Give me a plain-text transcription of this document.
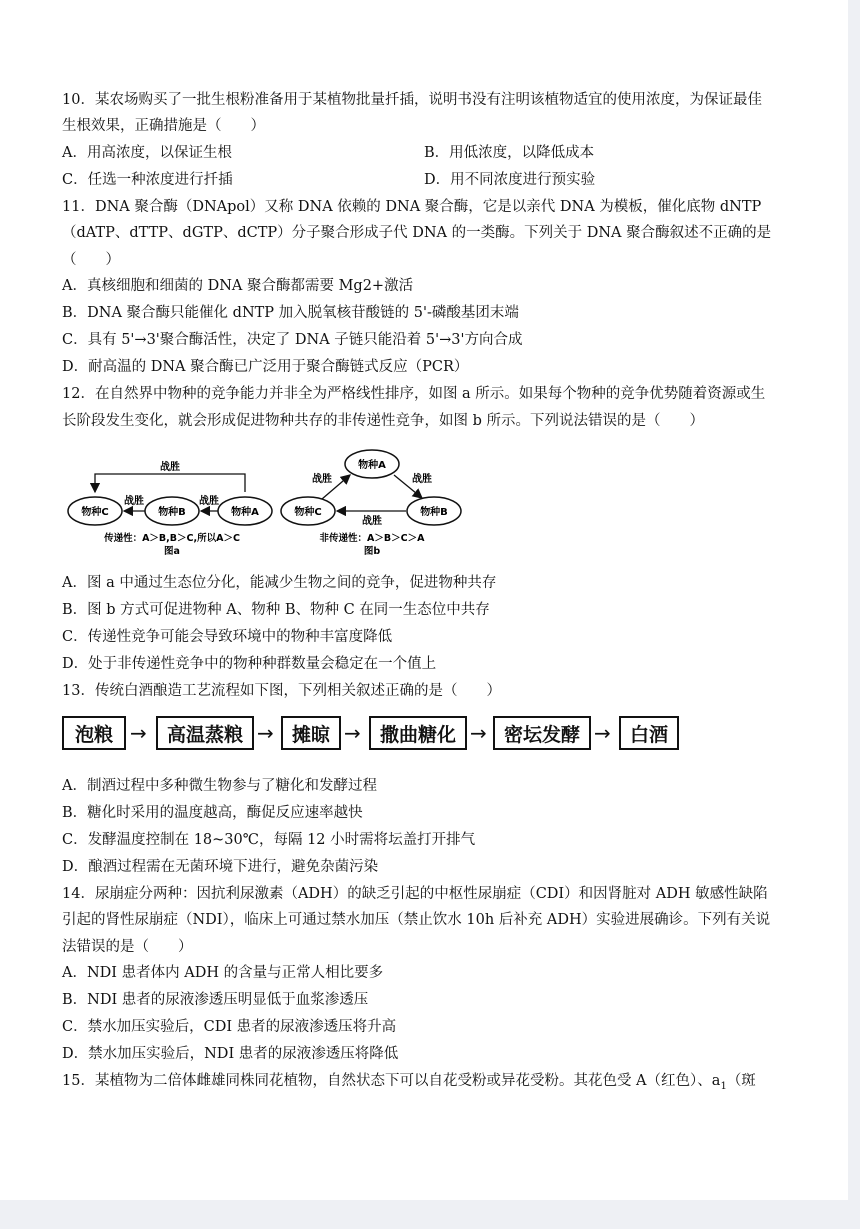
10．某农场购买了一批生根粉准备用于某植物批量扦插，说明书没有注明该植物适宜的使用浓度，为保证最佳
生根效果，正确措施是（　　）
A．用高浓度，以保证生根	B．用低浓度，以降低成本
C．任选一种浓度进行扦插	D．用不同浓度进行预实验
11．DNA 聚合酶（DNApol）又称 DNA 依赖的 DNA 聚合酶，它是以亲代 DNA 为模板，催化底物 dNTP
（dATP、dTTP、dGTP、dCTP）分子聚合形成子代 DNA 的一类酶。下列关于 DNA 聚合酶叙述不正确的是
（　　）
A．真核细胞和细菌的 DNA 聚合酶都需要 Mg2+激活
B．DNA 聚合酶只能催化 dNTP 加入脱氧核苷酸链的 5'-磷酸基团末端
C．具有 5'→3'聚合酶活性，决定了 DNA 子链只能沿着 5'→3'方向合成
D．耐高温的 DNA 聚合酶已广泛用于聚合酶链式反应（PCR）
12．在自然界中物种的竞争能力并非全为严格线性排序，如图 a 所示。如果每个物种的竞争优势随着资源或生
长阶段发生变化，就会形成促进物种共存的非传递性竞争，如图 b 所示。下列说法错误的是（　　）
战胜
物种C	物种B	物种A
战胜	战胜
传递性：A＞B,B＞C,所以A＞C
图a
物种A
物种C	物种B
战胜	战胜
战胜
非传递性：A＞B＞C＞A
图b
A．图 a 中通过生态位分化，能减少生物之间的竞争，促进物种共存
B．图 b 方式可促进物种 A、物种 B、物种 C 在同一生态位中共存
C．传递性竞争可能会导致环境中的物种丰富度降低
D．处于非传递性竞争中的物种种群数量会稳定在一个值上
13．传统白酒酿造工艺流程如下图，下列相关叙述正确的是（　　）
泡粮 →	高温蒸粮 → 摊晾 →	撒曲糖化 → 密坛发酵 →	白酒
A．制酒过程中多种微生物参与了糖化和发酵过程
B．糖化时采用的温度越高，酶促反应速率越快
C．发酵温度控制在 18~30℃，每隔 12 小时需将坛盖打开排气
D．酿酒过程需在无菌环境下进行，避免杂菌污染
14．尿崩症分两种：因抗利尿激素（ADH）的缺乏引起的中枢性尿崩症（CDI）和因肾脏对 ADH 敏感性缺陷
引起的肾性尿崩症（NDI），临床上可通过禁水加压（禁止饮水 10h 后补充 ADH）实验进展确诊。下列有关说
法错误的是（　　）
A．NDI 患者体内 ADH 的含量与正常人相比要多
B．NDI 患者的尿液渗透压明显低于血浆渗透压
C．禁水加压实验后，CDI 患者的尿液渗透压将升高
D．禁水加压实验后，NDI 患者的尿液渗透压将降低
15．某植物为二倍体雌雄同株同花植物，自然状态下可以自花受粉或异花受粉。其花色受 A（红色）、$a_1$（斑
